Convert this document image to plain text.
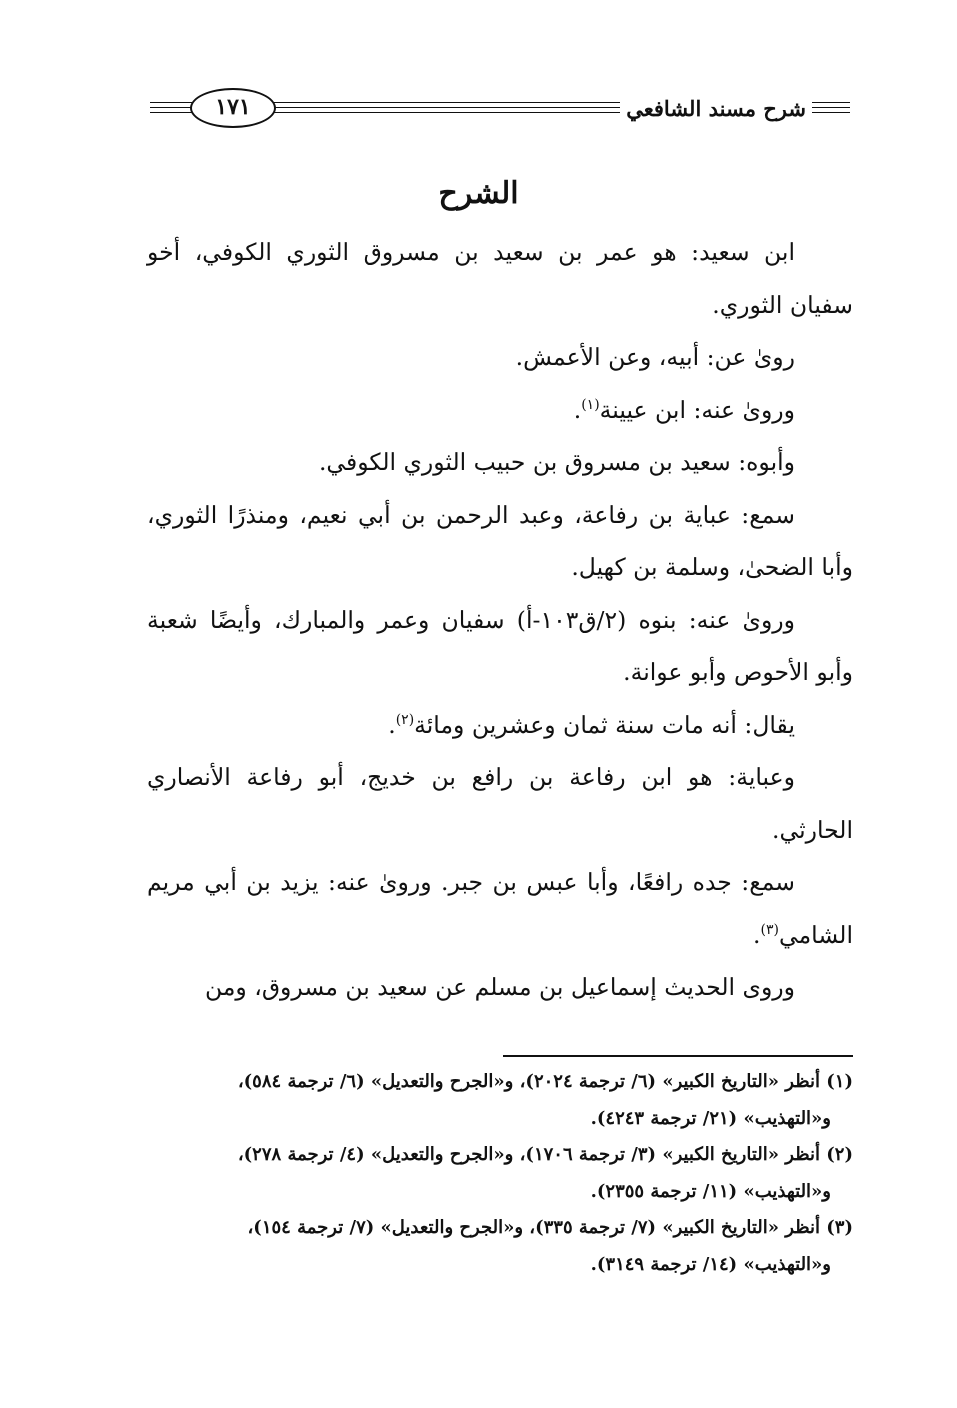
شرح مسند الشافعي
١٧١
الشرح

ابن سعيد: هو عمر بن سعيد بن مسروق الثوري الكوفي، أخو سفيان الثوري.

روىٰ عن: أبيه، وعن الأعمش.

ورویٰ عنه: ابن عيينة$^{(١)}$.

وأبوه: سعيد بن مسروق بن حبيب الثوري الكوفي.

سمع: عباية بن رفاعة، وعبد الرحمن بن أبي نعيم، ومنذرًا الثوري، وأبا الضحىٰ، وسلمة بن كهيل.

وروىٰ عنه: بنوه (٢/ق١٠٣-أ) سفيان وعمر والمبارك، وأيضًا شعبة وأبو الأحوص وأبو عوانة.

يقال: أنه مات سنة ثمان وعشرين ومائة$^{(٢)}$.

وعباية: هو ابن رفاعة بن رافع بن خديج، أبو رفاعة الأنصاري الحارثي.

سمع: جده رافعًا، وأبا عبس بن جبر. وروىٰ عنه: يزيد بن أبي مريم الشامي$^{(٣)}$.

وروى الحديث إسماعيل بن مسلم عن سعيد بن مسروق، ومن

(١) أنظر «التاريخ الكبير» (٦/ ترجمة ٢٠٢٤)، و«الجرح والتعديل» (٦/ ترجمة ٥٨٤)،
و«التهذيب» (٢١/ ترجمة ٤٢٤٣).

(٢) أنظر «التاريخ الكبير» (٣/ ترجمة ١٧٠٦)، و«الجرح والتعديل» (٤/ ترجمة ٢٧٨)،
و«التهذيب» (١١/ ترجمة ٢٣٥٥).

(٣) أنظر «التاريخ الكبير» (٧/ ترجمة ٣٣٥)، و«الجرح والتعديل» (٧/ ترجمة ١٥٤)،
و«التهذيب» (١٤/ ترجمة ٣١٤٩).
